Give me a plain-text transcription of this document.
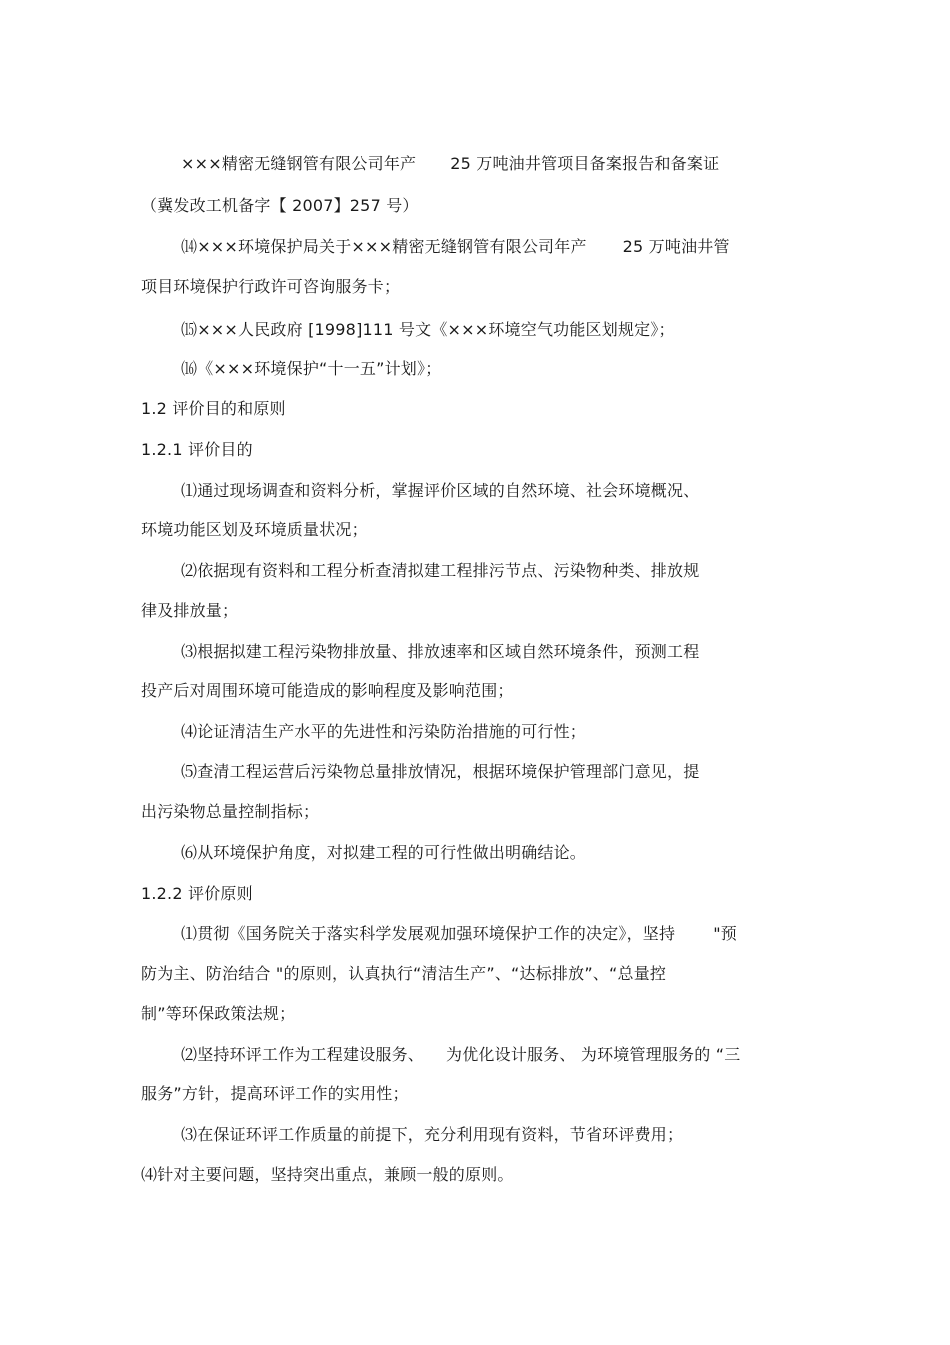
×××精密无缝钢管有限公司年产 25 万吨油井管项目备案报告和备案证
（冀发改工机备字【 2007】257 号）
⒁×××环境保护局关于×××精密无缝钢管有限公司年产 25 万吨油井管
项目环境保护行政许可咨询服务卡；
⒂×××人民政府 [1998]111 号文《×××环境空气功能区划规定》；
⒃《×××环境保护“十一五”计划》；
1.2 评价目的和原则
1.2.1 评价目的
⑴通过现场调查和资料分析，掌握评价区域的自然环境、社会环境概况、
环境功能区划及环境质量状况；
⑵依据现有资料和工程分析查清拟建工程排污节点、污染物种类、排放规
律及排放量；
⑶根据拟建工程污染物排放量、排放速率和区域自然环境条件，预测工程
投产后对周围环境可能造成的影响程度及影响范围；
⑷论证清洁生产水平的先进性和污染防治措施的可行性；
⑸查清工程运营后污染物总量排放情况，根据环境保护管理部门意见，提
出污染物总量控制指标；
⑹从环境保护角度，对拟建工程的可行性做出明确结论。
1.2.2 评价原则
⑴贯彻《国务院关于落实科学发展观加强环境保护工作的决定》，坚持 "预
防为主、防治结合 "的原则，认真执行“清洁生产”、“达标排放”、“总量控
制”等环保政策法规；
⑵坚持环评工作为工程建设服务、 为优化设计服务、 为环境管理服务的 “三
服务”方针，提高环评工作的实用性；
⑶在保证环评工作质量的前提下，充分利用现有资料，节省环评费用；
⑷针对主要问题，坚持突出重点，兼顾一般的原则。
